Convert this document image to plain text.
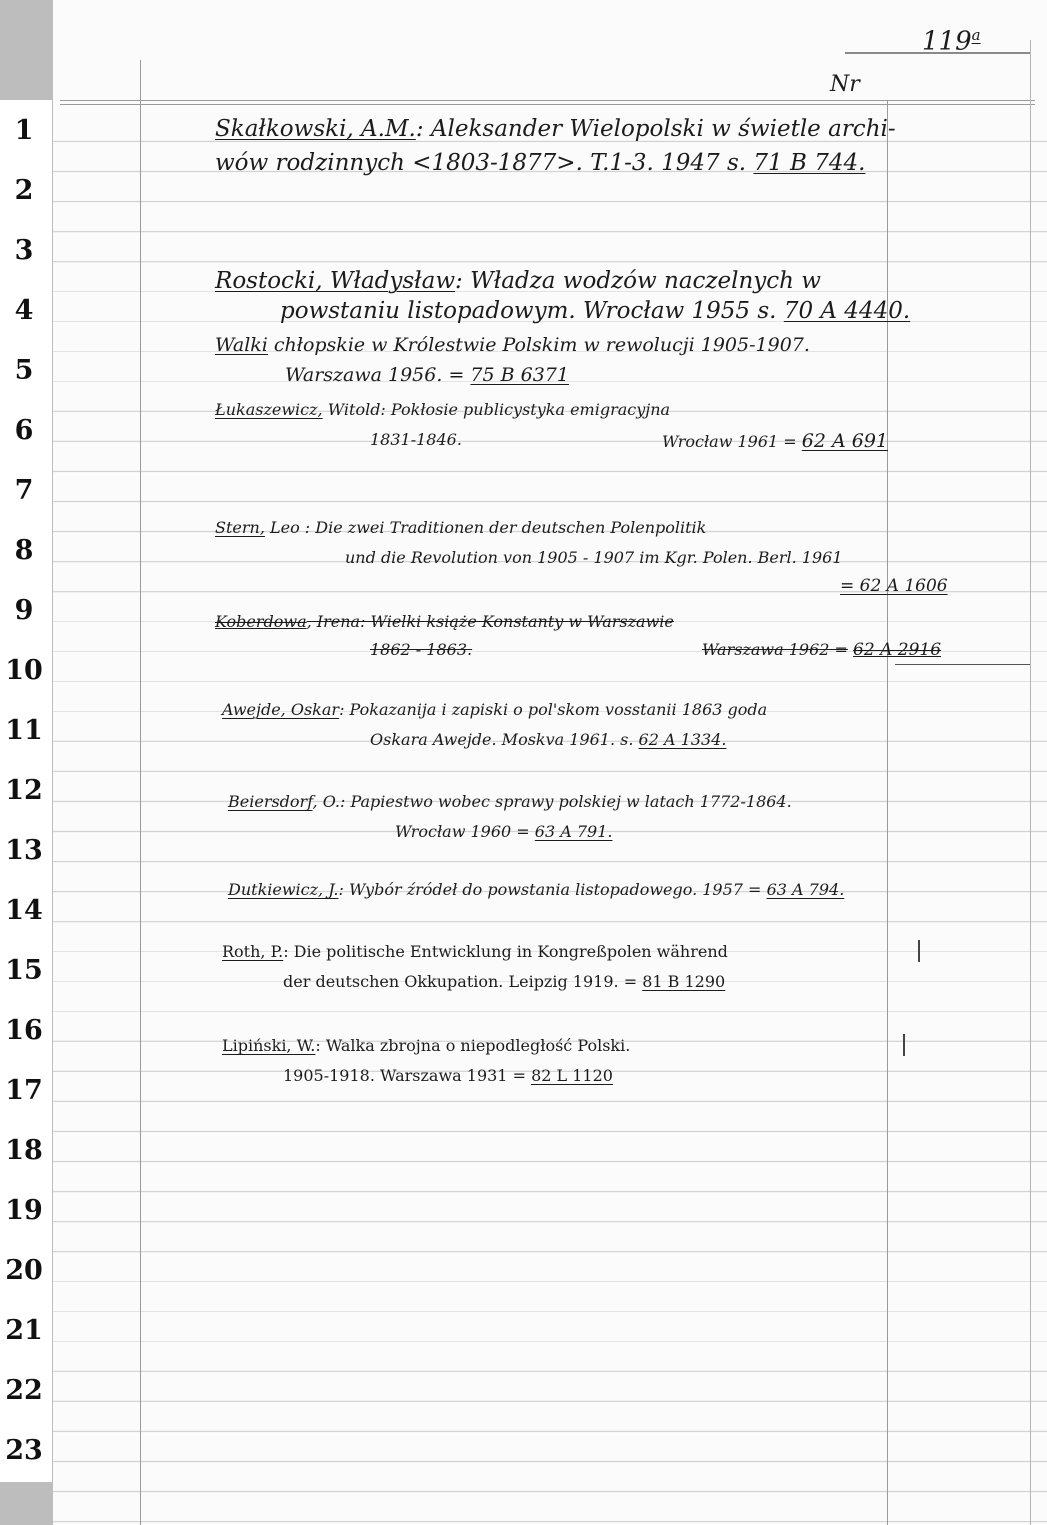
1
2
3
4
5
6
7
8
9
10
11
12
13
14
15
16
17
18
19
20
21
22
23
119$^a$
Nr
Skałkowski, A.M.: Aleksander Wielopolski w świetle archi-
wów rodzinnych <1803-1877>. T.1-3. 1947 s. 71 B 744.
Rostocki, Władysław: Władza wodzów naczelnych w
powstaniu listopadowym. Wrocław 1955 s. 70 A 4440.
Walki chłopskie w Królestwie Polskim w rewolucji 1905-1907.
Warszawa 1956. = 75 B 6371
Łukaszewicz, Witold: Pokłosie publicystyka emigracyjna
1831-1846.	Wrocław 1961 = 62 A 691
Stern, Leo : Die zwei Traditionen der deutschen Polenpolitik
und die Revolution von 1905 - 1907 im Kgr. Polen. Berl. 1961
= 62 A 1606
Koberdowa, Irena: Wielki książe Konstanty w Warszawie
1862 - 1863.	Warszawa 1962 = 62 A 2916
Awejde, Oskar: Pokazanija i zapiski o pol'skom vosstanii 1863 goda
Oskara Awejde. Moskva 1961. s. 62 A 1334.
Beiersdorf, O.: Papiestwo wobec sprawy polskiej w latach 1772-1864.
Wrocław 1960 = 63 A 791.
Dutkiewicz, J.: Wybór źródeł do powstania listopadowego. 1957 = 63 A 794.
Roth, P.: Die politische Entwicklung in Kongreßpolen während
der deutschen Okkupation. Leipzig 1919. = 81 B 1290
Lipiński, W.: Walka zbrojna o niepodległość Polski.
1905-1918. Warszawa 1931 = 82 L 1120
